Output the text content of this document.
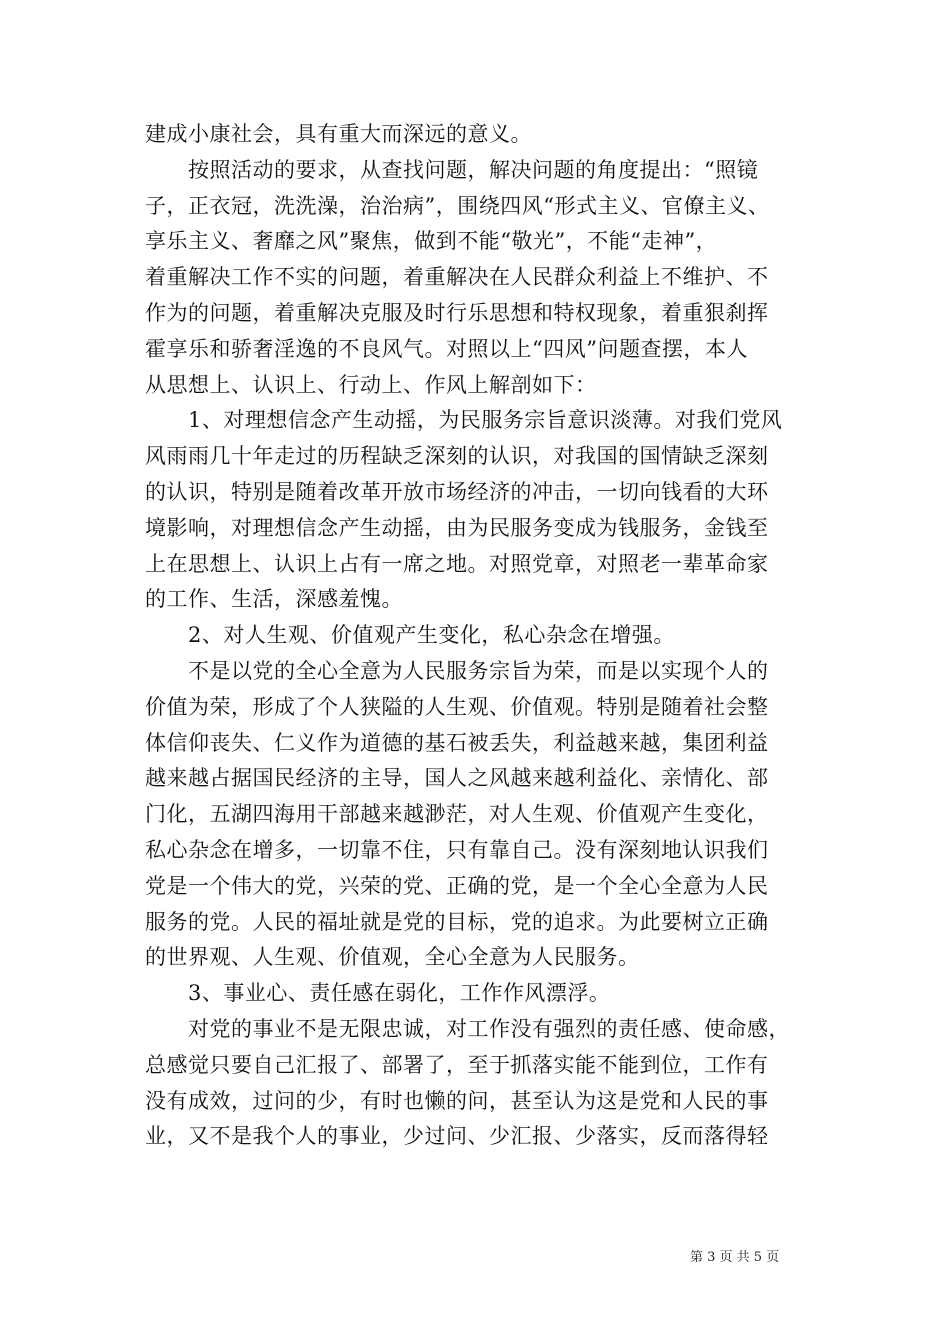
建成小康社会，具有重大而深远的意义。
按照活动的要求，从查找问题，解决问题的角度提出：“照镜
子，正衣冠，洗洗澡，治治病”，围绕四风“形式主义、官僚主义、
享乐主义、奢靡之风”聚焦，做到不能“敬光”，不能“走神”，
着重解决工作不实的问题，着重解决在人民群众利益上不维护、不
作为的问题，着重解决克服及时行乐思想和特权现象，着重狠刹挥
霍享乐和骄奢淫逸的不良风气。对照以上“四风”问题查摆，本人
从思想上、认识上、行动上、作风上解剖如下：
1、对理想信念产生动摇，为民服务宗旨意识淡薄。对我们党风
风雨雨几十年走过的历程缺乏深刻的认识，对我国的国情缺乏深刻
的认识，特别是随着改革开放市场经济的冲击，一切向钱看的大环
境影响，对理想信念产生动摇，由为民服务变成为钱服务，金钱至
上在思想上、认识上占有一席之地。对照党章，对照老一辈革命家
的工作、生活，深感羞愧。
2、对人生观、价值观产生变化，私心杂念在增强。
不是以党的全心全意为人民服务宗旨为荣，而是以实现个人的
价值为荣，形成了个人狭隘的人生观、价值观。特别是随着社会整
体信仰丧失、仁义作为道德的基石被丢失，利益越来越，集团利益
越来越占据国民经济的主导，国人之风越来越利益化、亲情化、部
门化，五湖四海用干部越来越渺茫，对人生观、价值观产生变化，
私心杂念在增多，一切靠不住，只有靠自己。没有深刻地认识我们
党是一个伟大的党，兴荣的党、正确的党，是一个全心全意为人民
服务的党。人民的福址就是党的目标，党的追求。为此要树立正确
的世界观、人生观、价值观，全心全意为人民服务。
3、事业心、责任感在弱化，工作作风漂浮。
对党的事业不是无限忠诚，对工作没有强烈的责任感、使命感，
总感觉只要自己汇报了、部署了，至于抓落实能不能到位，工作有
没有成效，过问的少，有时也懒的问，甚至认为这是党和人民的事
业，又不是我个人的事业，少过问、少汇报、少落实，反而落得轻
第 3 页 共 5 页
